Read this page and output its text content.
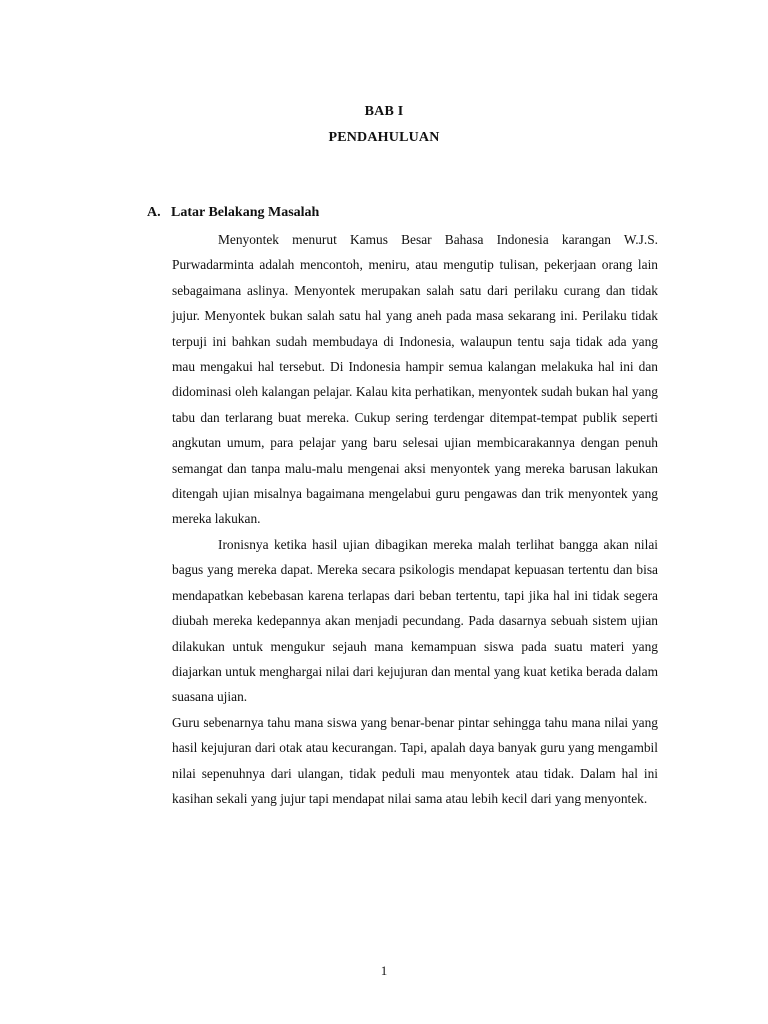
BAB I
PENDAHULUAN
A. Latar Belakang Masalah

Menyontek menurut Kamus Besar Bahasa Indonesia karangan W.J.S. Purwadarminta adalah mencontoh, meniru, atau mengutip tulisan, pekerjaan orang lain sebagaimana aslinya. Menyontek merupakan salah satu dari perilaku curang dan tidak jujur. Menyontek bukan salah satu hal yang aneh pada masa sekarang ini. Perilaku tidak terpuji ini bahkan sudah membudaya di Indonesia, walaupun tentu saja tidak ada yang mau mengakui hal tersebut. Di Indonesia hampir semua kalangan melakuka hal ini dan didominasi oleh kalangan pelajar. Kalau kita perhatikan, menyontek sudah bukan hal yang tabu dan terlarang buat mereka. Cukup sering terdengar ditempat-tempat publik seperti angkutan umum, para pelajar yang baru selesai ujian membicarakannya dengan penuh semangat dan tanpa malu-malu mengenai aksi menyontek yang mereka barusan lakukan ditengah ujian misalnya bagaimana mengelabui guru pengawas dan trik menyontek yang mereka lakukan.

Ironisnya ketika hasil ujian dibagikan mereka malah terlihat bangga akan nilai bagus yang mereka dapat. Mereka secara psikologis mendapat kepuasan tertentu dan bisa mendapatkan kebebasan karena terlapas dari beban tertentu, tapi jika hal ini tidak segera diubah mereka kedepannya akan menjadi pecundang. Pada dasarnya sebuah sistem ujian dilakukan untuk mengukur sejauh mana kemampuan siswa pada suatu materi yang diajarkan untuk menghargai nilai dari kejujuran dan mental yang kuat ketika berada dalam suasana ujian.

Guru sebenarnya tahu mana siswa yang benar-benar pintar sehingga tahu mana nilai yang hasil kejujuran dari otak atau kecurangan. Tapi, apalah daya banyak guru yang mengambil nilai sepenuhnya dari ulangan, tidak peduli mau menyontek atau tidak. Dalam hal ini kasihan sekali yang jujur tapi mendapat nilai sama atau lebih kecil dari yang menyontek.

1
